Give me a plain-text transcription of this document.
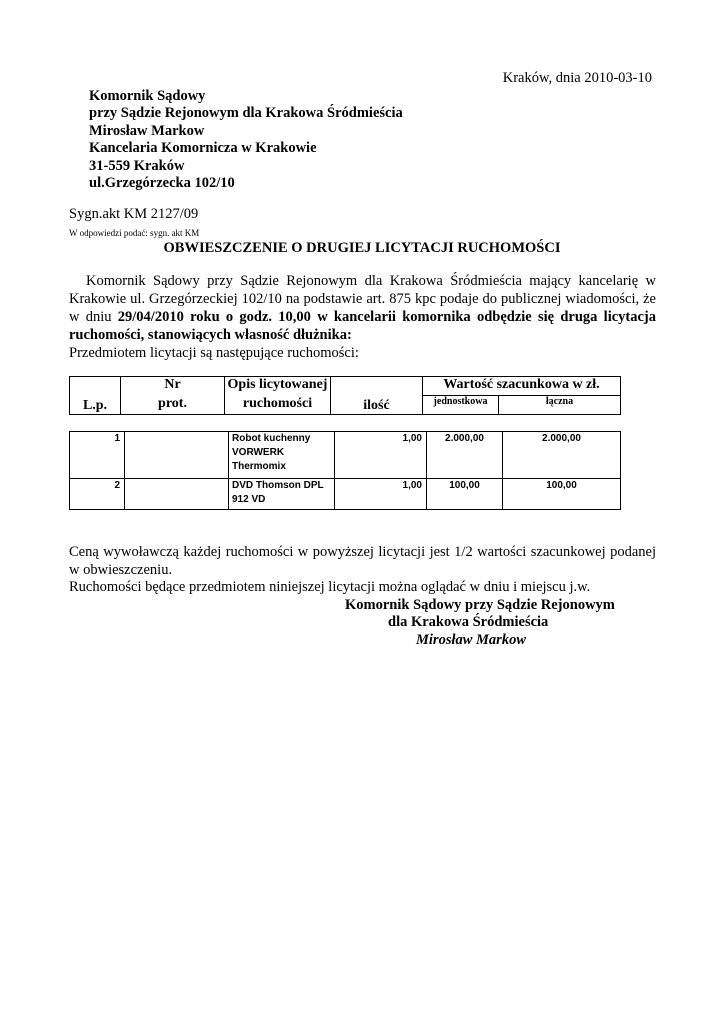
Kraków, dnia 2010-03-10
Komornik Sądowy
przy Sądzie Rejonowym dla Krakowa Śródmieścia
Mirosław Markow
Kancelaria Komornicza w Krakowie
31-559 Kraków
ul.Grzegórzecka 102/10
Sygn.akt KM 2127/09
W odpowiedzi podać: sygn. akt KM
OBWIESZCZENIE O DRUGIEJ LICYTACJI RUCHOMOŚCI
Komornik Sądowy przy Sądzie Rejonowym dla Krakowa Śródmieścia mający kancelarię w Krakowie ul. Grzegórzeckiej 102/10 na podstawie art. 875 kpc podaje do publicznej wiadomości, że w dniu 29/04/2010 roku o godz. 10,00 w kancelarii komornika odbędzie się druga licytacja ruchomości, stanowiących własność dłużnika:
Przedmiotem licytacji są następujące ruchomości:
L.p.	Nr	Opis licytowanej	ilość	Wartość szacunkowa w zł.	
	prot.	ruchomości		jednostkowa	łączna
1		Robot kuchenny
VORWERK
Thermomix	1,00	2.000,00	2.000,00
2		DVD Thomson DPL
912 VD	1,00	100,00	100,00
Ceną wywoławczą każdej ruchomości w powyższej licytacji jest 1/2 wartości szacunkowej podanej w obwieszczeniu.
Ruchomości będące przedmiotem niniejszej licytacji można oglądać w dniu i miejscu j.w.
Komornik Sądowy przy Sądzie Rejonowym
dla Krakowa Śródmieścia
Mirosław Markow
